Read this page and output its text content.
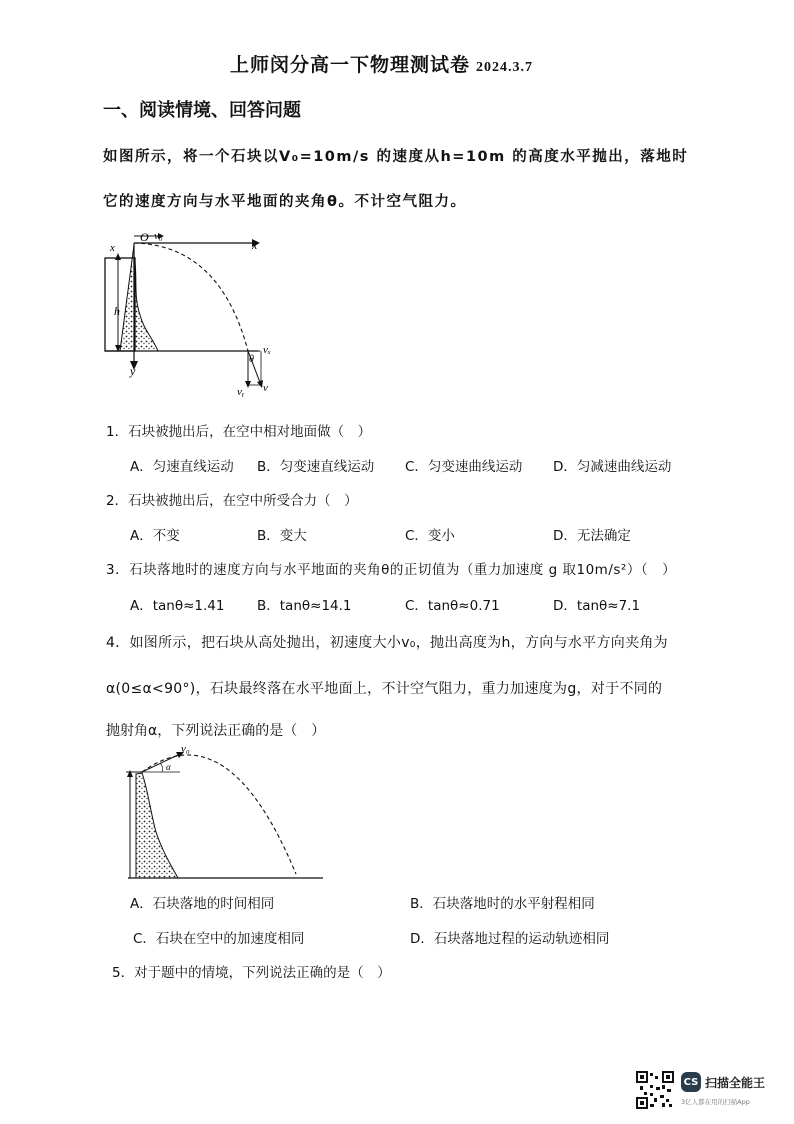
上师闵分高一下物理测试卷 2024.3.7
一、阅读情境、回答问题
如图所示，将一个石块以V₀=10m/s 的速度从h=10m 的高度水平抛出，落地时
它的速度方向与水平地面的夹角θ。不计空气阻力。
O v₀
x
x
h
y
vₓ
vᵧ v
θ
1．石块被抛出后，在空中相对地面做（　）
A．匀速直线运动 B．匀变速直线运动 C．匀变速曲线运动 D．匀减速曲线运动
2．石块被抛出后，在空中所受合力（　）
A．不变	B．变大	C．变小	D．无法确定
3．石块落地时的速度方向与水平地面的夹角θ的正切值为（重力加速度 g 取10m/s²）（　）
A．tanθ≈1.41 B．tanθ≈14.1	C．tanθ≈0.71	D．tanθ≈7.1
4．如图所示，把石块从高处抛出，初速度大小v₀，抛出高度为h，方向与水平方向夹角为
α(0≤α<90°)，石块最终落在水平地面上，不计空气阻力，重力加速度为g，对于不同的
抛射角α，下列说法正确的是（　）
v₀
α
A．石块落地的时间相同	B．石块落地时的水平射程相同
C．石块在空中的加速度相同	D．石块落地过程的运动轨迹相同
5．对于题中的情境，下列说法正确的是（　）
CS 扫描全能王
3亿人都在用的扫描App
